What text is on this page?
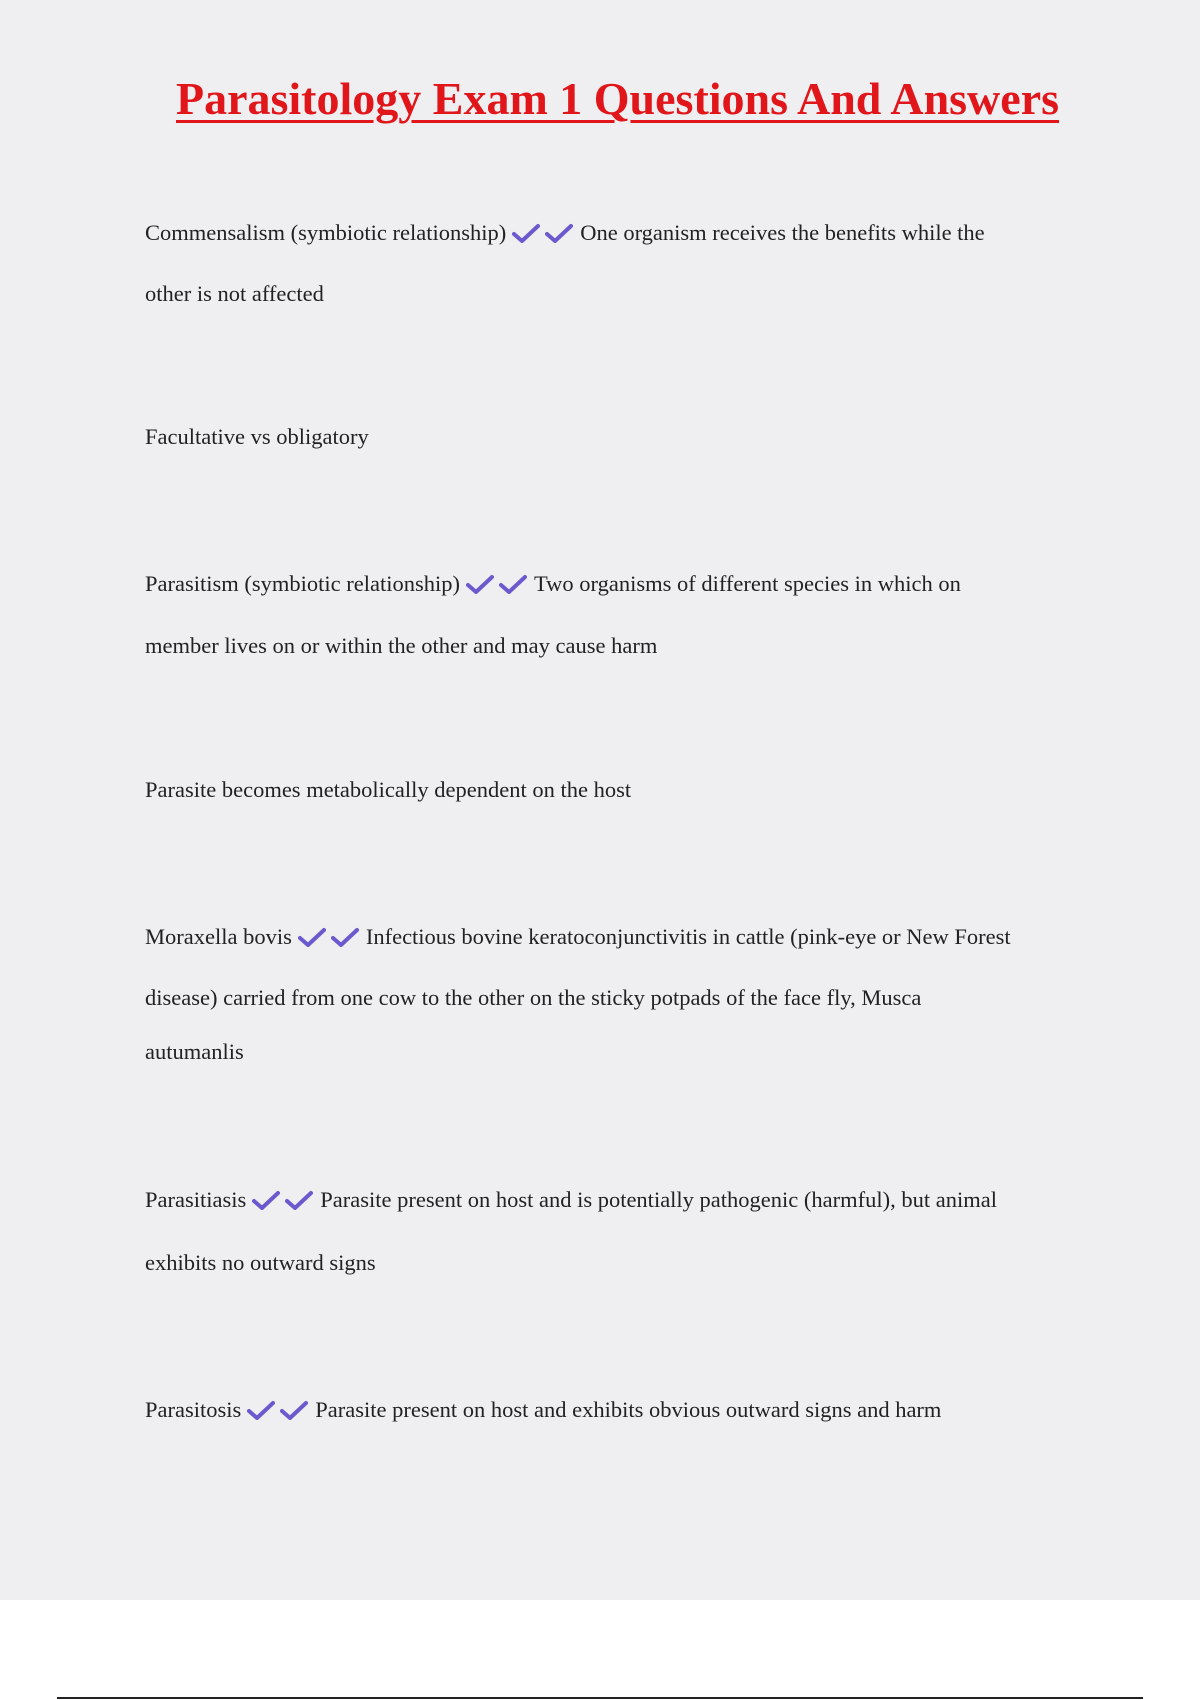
Parasitology Exam 1 Questions And Answers
Commensalism (symbiotic relationship)	One organism receives the benefits while the
other is not affected
Facultative vs obligatory
Parasitism (symbiotic relationship)	Two organisms of different species in which on
member lives on or within the other and may cause harm
Parasite becomes metabolically dependent on the host
Moraxella bovis	Infectious bovine keratoconjunctivitis in cattle (pink-eye or New Forest
disease) carried from one cow to the other on the sticky potpads of the face fly, Musca
autumanlis
Parasitiasis	Parasite present on host and is potentially pathogenic (harmful), but animal
exhibits no outward signs
Parasitosis	Parasite present on host and exhibits obvious outward signs and harm
